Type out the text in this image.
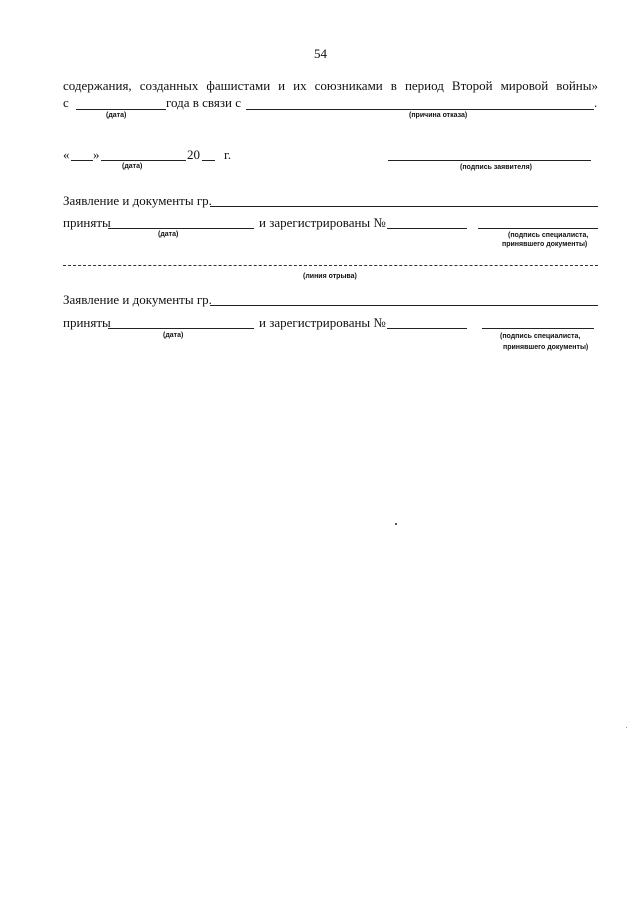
54
содержания, созданных фашистами и их союзниками в период Второй мировой войны»
с	года в связи с	.
(дата)	(причина отказа)
« »	20 г.
(дата)	(подпись заявителя)
Заявление и документы гр.
приняты	и зарегистрированы №
(дата)	(подпись специалиста,
принявшего документы)
(линия отрыва)
Заявление и документы гр.
приняты	и зарегистрированы №
(дата)	(подпись специалиста,
принявшего документы)
